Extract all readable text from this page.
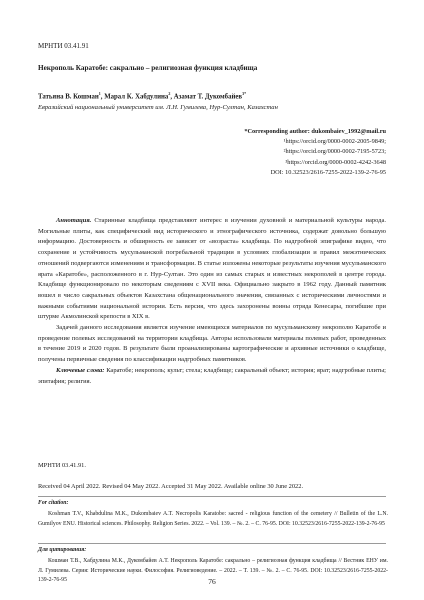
МРНТИ 03.41.91
Некрополь Каратобе: сакрально – религиозная функция кладбища
Татьяна В. Кошман$^1$, Марал К. Хабдулина$^2$, Азамат Т. Дукомбайев$^{3*}$
Евразийский национальный университет им. Л.Н. Гумилева, Нур-Султан, Казахстан
*Corresponding author: dukombaiev_1992@mail.ru
¹https://orcid.org/0000-0002-2005-9849;
²https://orcid.org/0000-0002-7195-5723;
³https://orcid.org/0000-0002-4242-3648
DOI: 10.32523/2616-7255-2022-139-2-76-95

Аннотация. Старинные кладбища представляют интерес в изучении духовной и материальной культуры народа. Могильные плиты, как специфический вид исторического и этнографического источника, содержат довольно большую информацию. Достоверность и обширность ее зависят от «возраста» кладбища. По надгробной эпиграфике видно, что сохранение и устойчивость мусульманской погребальной традиции в условиях глобализации и правил межэтнических отношений подвергаются изменениям и трансформации. В статье изложены некоторые результаты изучения мусульманского ярата «Каратобе», расположенного в г. Нур-Султан. Это один из самых старых и известных некрополей в центре города. Кладбище функционировало по некоторым сведениям с XVII века. Официально закрыто в 1962 году. Данный памятник вошел в число сакральных объектов Казахстана общенационального значения, связанных с историческими личностями и важными событиями национальной истории. Есть версия, что здесь захоронены воины отряда Кенесары, погибшие при штурме Акмолинской крепости в XIX в.

Задачей данного исследования является изучение имеющихся материалов по мусульманскому некрополю Каратобе и проведение полевых исследований на территории кладбища. Авторы использовали материалы полевых работ, проведенных в течение 2019 и 2020 годов. В результате были проанализированы картографические и архивные источники о кладбище, получены первичные сведения по классификации надгробных памятников.

Ключевые слова: Каратобе; некрополь; культ; стела; кладбище; сакральный объект; история; ярат; надгробные плиты; эпитафия; религия.

МРНТИ 03.41.91.
Received 04 April 2022. Revised 04 May 2022. Accepted 31 May 2022. Available online 30 June 2022.
For citation:
Koshman T.V., Khabdulina M.K., Dukombaiev A.T. Necropolis Karatobe: sacred - religious function of the cemetery // Bulletin of the L.N. Gumilyov ENU. Historical sciences. Philosophy. Religion Series. 2022. – Vol. 139. – №. 2. – С. 76-95. DOI: 10.32523/2616-7255-2022-139-2-76-95
Для цитирования:
Кошман Т.В., Хабдулина М.К., Дукомбайев А.Т. Некрополь Каратобе: сакрально – религиозная функция кладбища // Вестник ЕНУ им. Л. Гумилева. Серия: Исторические науки. Философия. Религиоведение. – 2022. – Т. 139. – №. 2. – С. 76-95. DOI: 10.32523/2616-7255-2022-139-2-76-95	76
